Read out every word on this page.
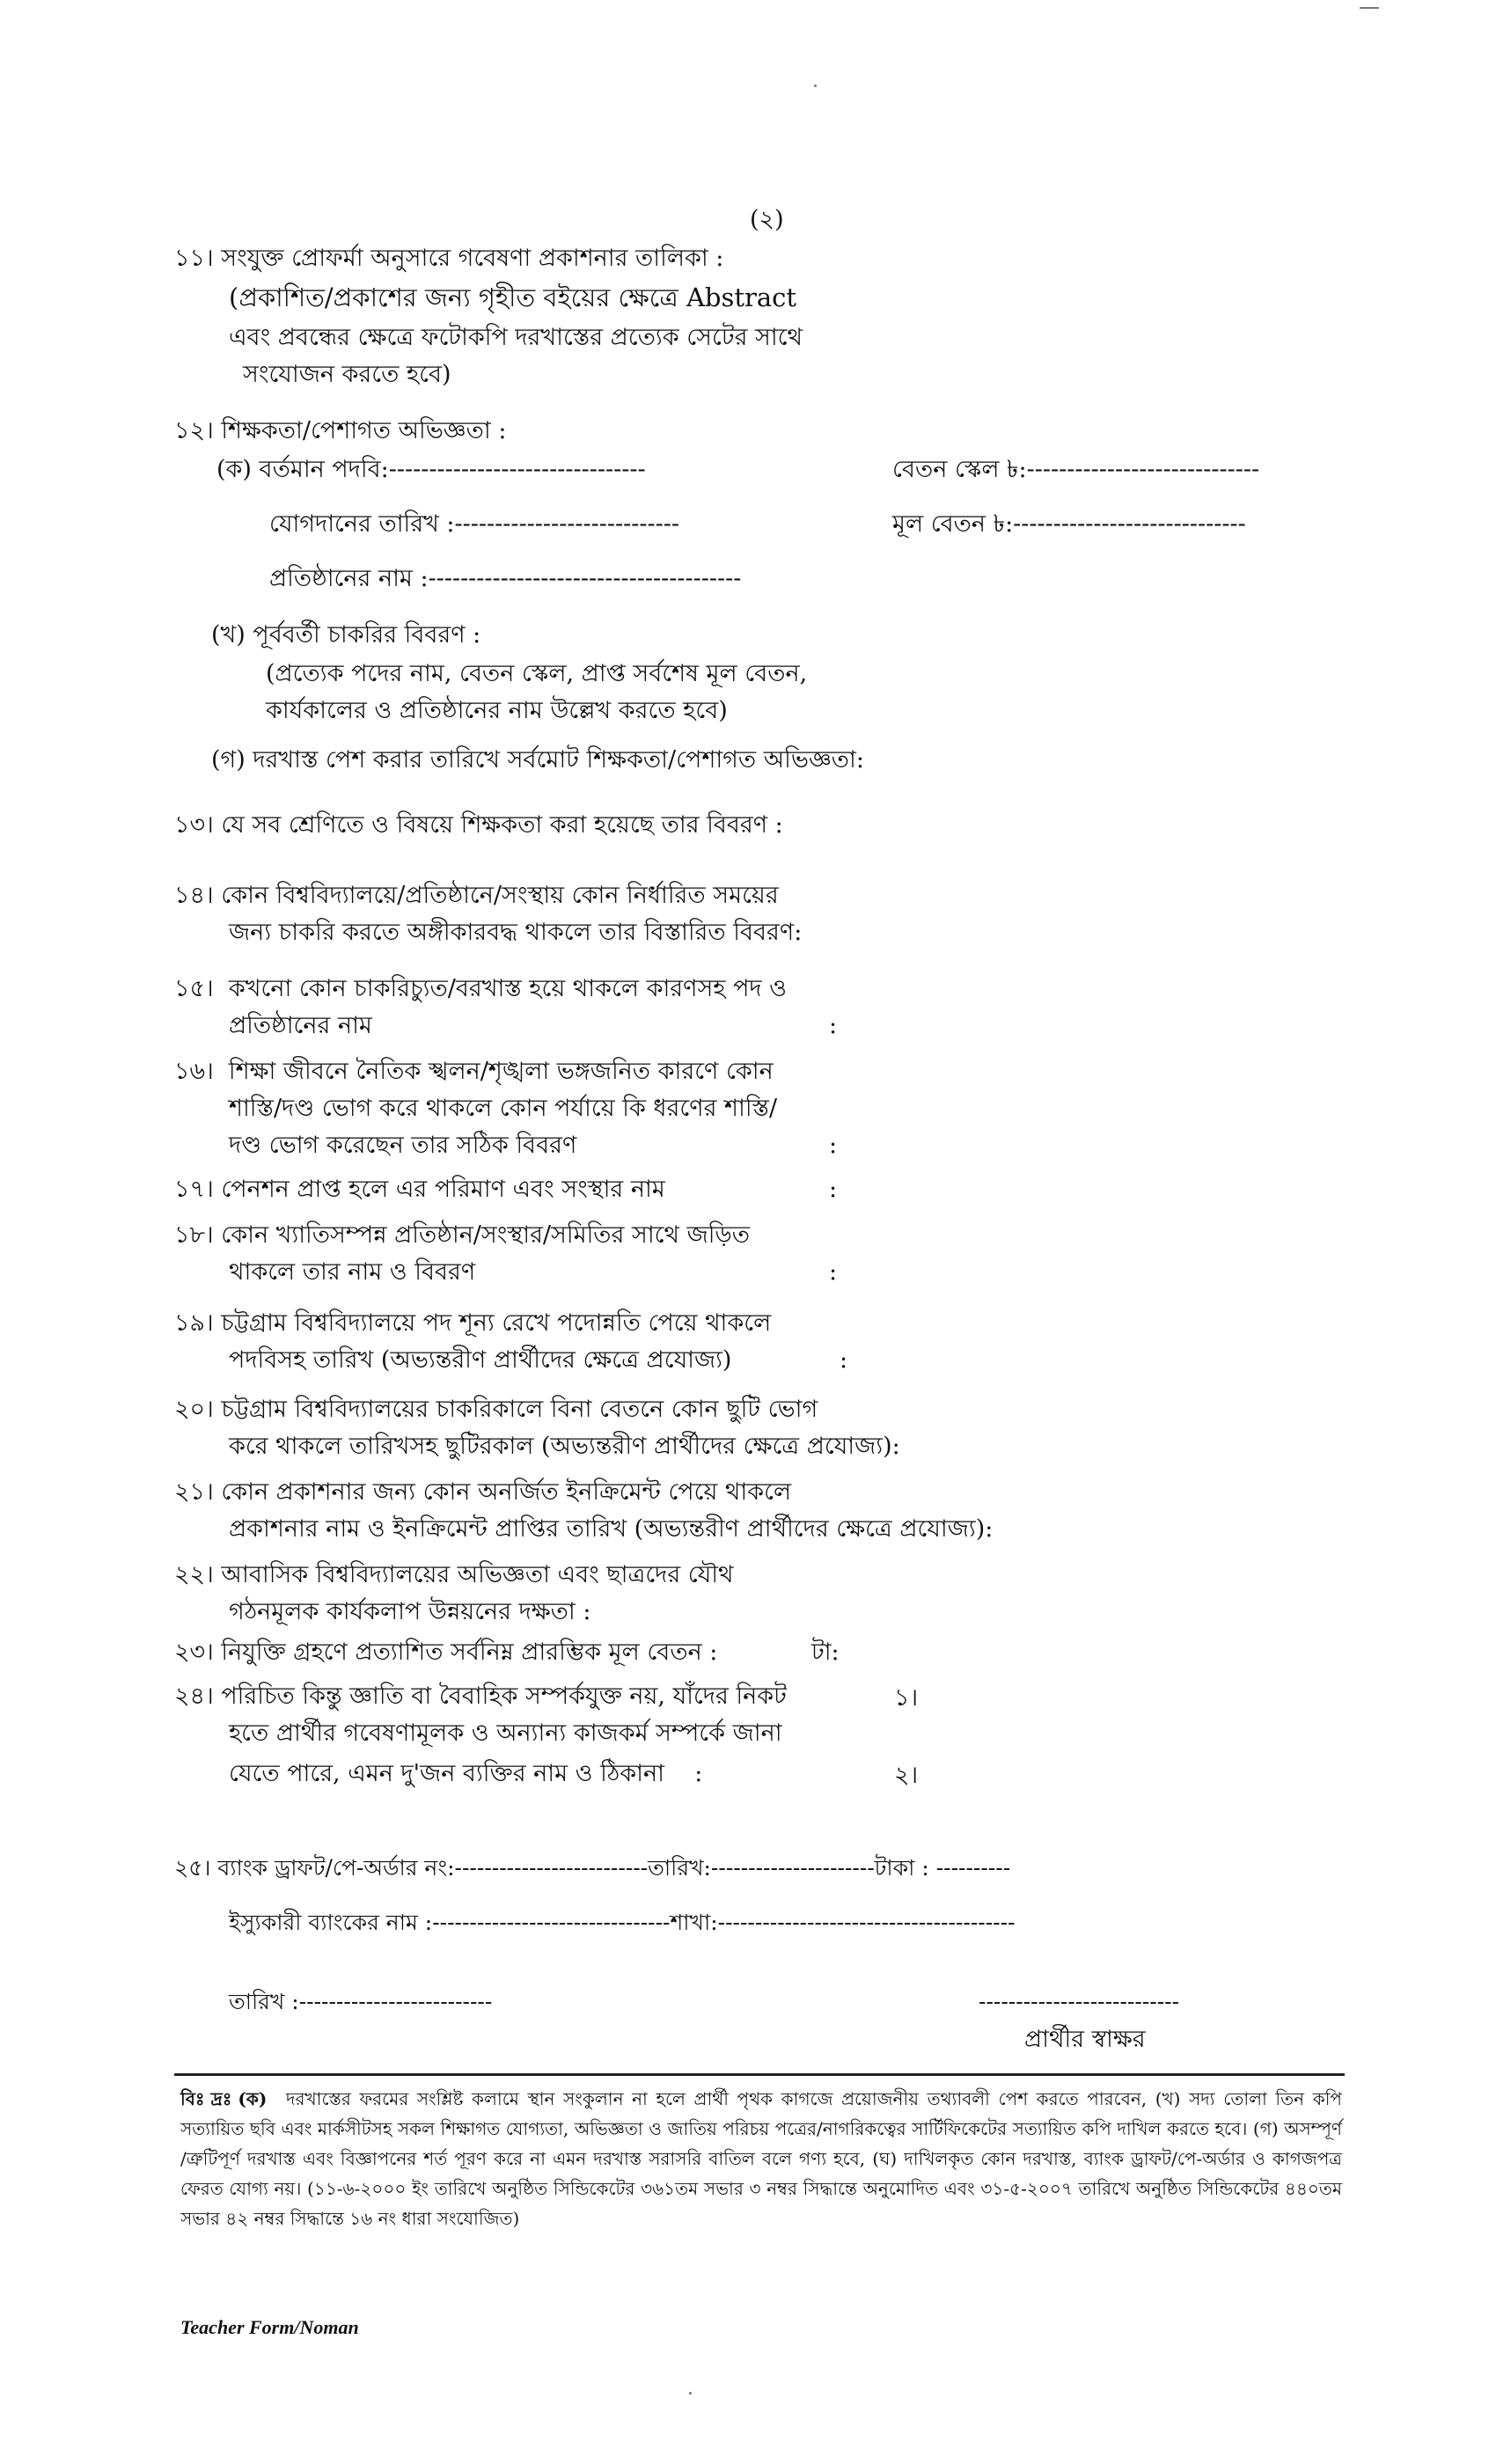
(২)
১১। সংযুক্ত প্রোফর্মা অনুসারে গবেষণা প্রকাশনার তালিকা :
(প্রকাশিত/প্রকাশের জন্য গৃহীত বইয়ের ক্ষেত্রে Abstract
এবং প্রবন্ধের ক্ষেত্রে ফটোকপি দরখাস্তের প্রত্যেক সেটের সাথে
সংযোজন করতে হবে)
১২। শিক্ষকতা/পেশাগত অভিজ্ঞতা :
(ক) বর্তমান পদবি:--------------------------------	বেতন স্কেল ৳:-----------------------------
যোগদানের তারিখ :----------------------------	মূল বেতন ৳:-----------------------------
প্রতিষ্ঠানের নাম :---------------------------------------
(খ) পূর্ববর্তী চাকরির বিবরণ :
(প্রত্যেক পদের নাম, বেতন স্কেল, প্রাপ্ত সর্বশেষ মূল বেতন,
কার্যকালের ও প্রতিষ্ঠানের নাম উল্লেখ করতে হবে)
(গ) দরখাস্ত পেশ করার তারিখে সর্বমোট শিক্ষকতা/পেশাগত অভিজ্ঞতা:
১৩। যে সব শ্রেণিতে ও বিষয়ে শিক্ষকতা করা হয়েছে তার বিবরণ :
১৪। কোন বিশ্ববিদ্যালয়ে/প্রতিষ্ঠানে/সংস্থায় কোন নির্ধারিত সময়ের
জন্য চাকরি করতে অঙ্গীকারবদ্ধ থাকলে তার বিস্তারিত বিবরণ:
১৫।  কখনো কোন চাকরিচ্যুত/বরখাস্ত হয়ে থাকলে কারণসহ পদ ও
প্রতিষ্ঠানের নাম	:
১৬।  শিক্ষা জীবনে নৈতিক স্খলন/শৃঙ্খলা ভঙ্গজনিত কারণে কোন
শাস্তি/দণ্ড ভোগ করে থাকলে কোন পর্যায়ে কি ধরণের শাস্তি/
দণ্ড ভোগ করেছেন তার সঠিক বিবরণ	:
১৭। পেনশন প্রাপ্ত হলে এর পরিমাণ এবং সংস্থার নাম	:
১৮। কোন খ্যাতিসম্পন্ন প্রতিষ্ঠান/সংস্থার/সমিতির সাথে জড়িত
থাকলে তার নাম ও বিবরণ	:
১৯। চট্টগ্রাম বিশ্ববিদ্যালয়ে পদ শূন্য রেখে পদোন্নতি পেয়ে থাকলে
পদবিসহ তারিখ (অভ্যন্তরীণ প্রার্থীদের ক্ষেত্রে প্রযোজ্য)	:
২০। চট্টগ্রাম বিশ্ববিদ্যালয়ের চাকরিকালে বিনা বেতনে কোন ছুটি ভোগ
করে থাকলে তারিখসহ ছুটিরকাল (অভ্যন্তরীণ প্রার্থীদের ক্ষেত্রে প্রযোজ্য):
২১। কোন প্রকাশনার জন্য কোন অনর্জিত ইনক্রিমেন্ট পেয়ে থাকলে
প্রকাশনার নাম ও ইনক্রিমেন্ট প্রাপ্তির তারিখ (অভ্যন্তরীণ প্রার্থীদের ক্ষেত্রে প্রযোজ্য):
২২। আবাসিক বিশ্ববিদ্যালয়ের অভিজ্ঞতা এবং ছাত্রদের যৌথ
গঠনমূলক কার্যকলাপ উন্নয়নের দক্ষতা :
২৩। নিযুক্তি গ্রহণে প্রত্যাশিত সর্বনিম্ন প্রারম্ভিক মূল বেতন :	টা:
২৪। পরিচিত কিন্তু জ্ঞাতি বা বৈবাহিক সম্পর্কযুক্ত নয়, যাঁদের নিকট
হতে প্রার্থীর গবেষণামূলক ও অন্যান্য কাজকর্ম সম্পর্কে জানা
যেতে পারে, এমন দু'জন ব্যক্তির নাম ও ঠিকানা    :
১।
২।
২৫। ব্যাংক ড্রাফট/পে-অর্ডার নং:--------------------------তারিখ:----------------------টাকা : ----------
ইস্যুকারী ব্যাংকের নাম :--------------------------------শাখা:----------------------------------------
তারিখ :--------------------------	---------------------------
প্রার্থীর স্বাক্ষর
বিঃ দ্রঃ (ক)	দরখাস্তের ফরমের সংশ্লিষ্ট কলামে স্থান সংকুলান না হলে প্রার্থী পৃথক কাগজে প্রয়োজনীয় তথ্যাবলী পেশ করতে পারবেন, (খ) সদ্য তোলা তিন কপি সত্যায়িত ছবি এবং মার্কসীটসহ সকল শিক্ষাগত যোগ্যতা, অভিজ্ঞতা ও জাতিয় পরিচয় পত্রের/নাগরিকত্বের সার্টিফিকেটের সত্যায়িত কপি দাখিল করতে হবে। (গ) অসম্পূর্ণ /ত্রুটিপূর্ণ দরখাস্ত এবং বিজ্ঞাপনের শর্ত পূরণ করে না এমন দরখাস্ত সরাসরি বাতিল বলে গণ্য হবে, (ঘ) দাখিলকৃত কোন দরখাস্ত, ব্যাংক ড্রাফট/পে-অর্ডার ও কাগজপত্র ফেরত যোগ্য নয়। (১১-৬-২০০০ ইং তারিখে অনুষ্ঠিত সিন্ডিকেটের ৩৬১তম সভার ৩ নম্বর সিদ্ধান্তে অনুমোদিত এবং ৩১-৫-২০০৭ তারিখে অনুষ্ঠিত সিন্ডিকেটের ৪৪০তম সভার ৪২ নম্বর সিদ্ধান্তে ১৬ নং ধারা সংযোজিত)
Teacher Form/Noman
